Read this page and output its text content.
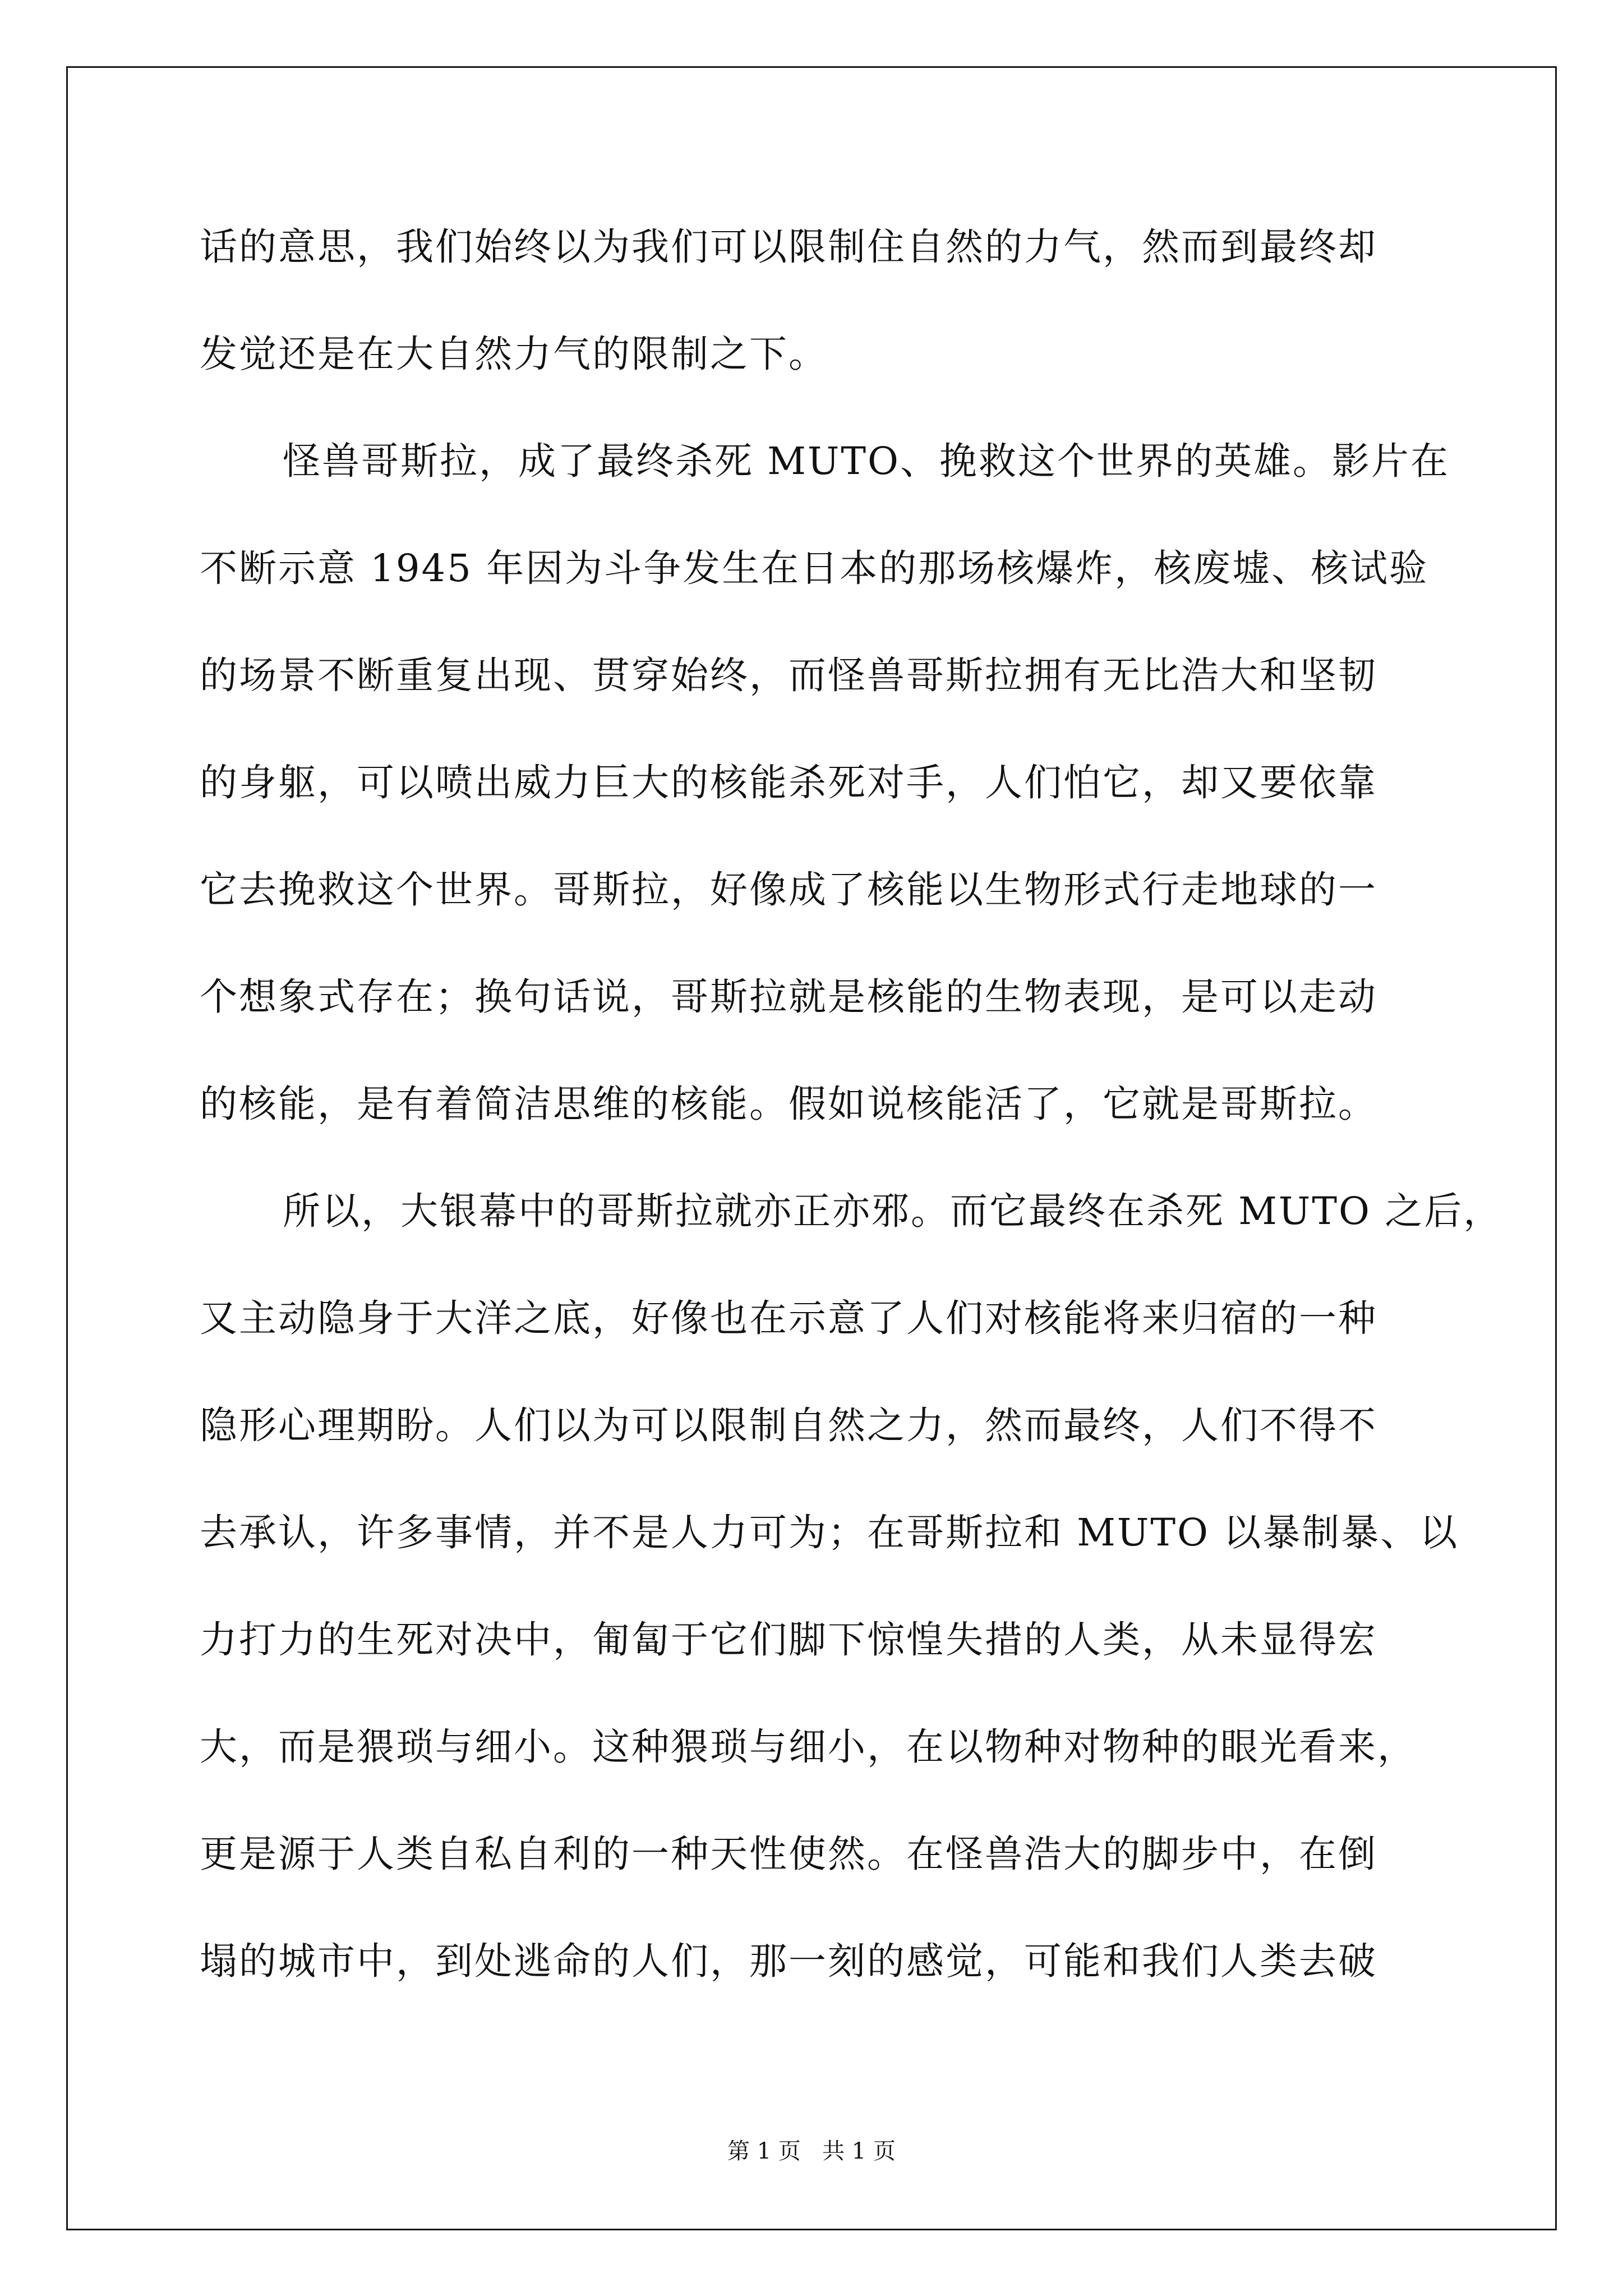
话的意思，我们始终以为我们可以限制住自然的力气，然而到最终却
发觉还是在大自然力气的限制之下。
怪兽哥斯拉，成了最终杀死 MUTO、挽救这个世界的英雄。影片在
不断示意 1945 年因为斗争发生在日本的那场核爆炸，核废墟、核试验
的场景不断重复出现、贯穿始终，而怪兽哥斯拉拥有无比浩大和坚韧
的身躯，可以喷出威力巨大的核能杀死对手，人们怕它，却又要依靠
它去挽救这个世界。哥斯拉，好像成了核能以生物形式行走地球的一
个想象式存在；换句话说，哥斯拉就是核能的生物表现，是可以走动
的核能，是有着简洁思维的核能。假如说核能活了，它就是哥斯拉。
所以，大银幕中的哥斯拉就亦正亦邪。而它最终在杀死 MUTO 之后，
又主动隐身于大洋之底，好像也在示意了人们对核能将来归宿的一种
隐形心理期盼。人们以为可以限制自然之力，然而最终，人们不得不
去承认，许多事情，并不是人力可为；在哥斯拉和 MUTO 以暴制暴、以
力打力的生死对决中，匍匐于它们脚下惊惶失措的人类，从未显得宏
大，而是猥琐与细小。这种猥琐与细小，在以物种对物种的眼光看来，
更是源于人类自私自利的一种天性使然。在怪兽浩大的脚步中，在倒
塌的城市中，到处逃命的人们，那一刻的感觉，可能和我们人类去破
第 1 页   共 1 页
